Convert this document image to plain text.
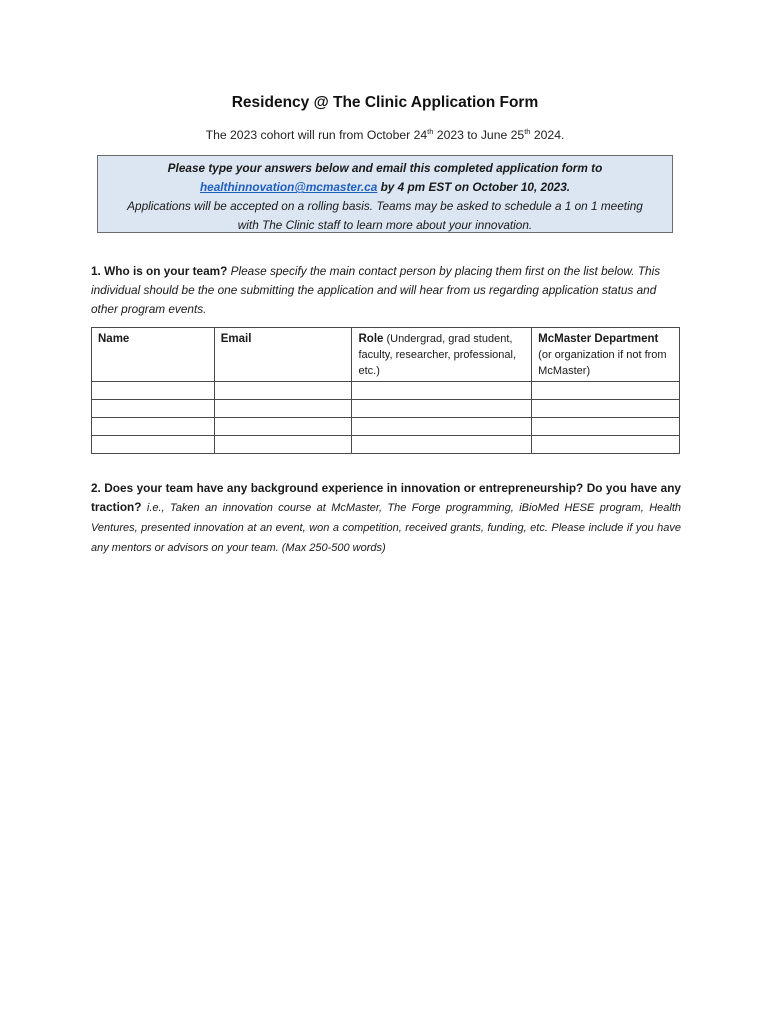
Residency @ The Clinic Application Form
The 2023 cohort will run from October 24th 2023 to June 25th 2024.
Please type your answers below and email this completed application form to
healthinnovation@mcmaster.ca by 4 pm EST on October 10, 2023.
Applications will be accepted on a rolling basis. Teams may be asked to schedule a 1 on 1 meeting
with The Clinic staff to learn more about your innovation.
1. Who is on your team? Please specify the main contact person by placing them first on the list below. This individual should be the one submitting the application and will hear from us regarding application status and other program events.
Name	Email	Role (Undergrad, grad student, faculty, researcher, professional, etc.)	McMaster Department
(or organization if not from McMaster)

2. Does your team have any background experience in innovation or entrepreneurship? Do you have any traction? i.e., Taken an innovation course at McMaster, The Forge programming, iBioMed HESE program, Health Ventures, presented innovation at an event, won a competition, received grants, funding, etc. Please include if you have any mentors or advisors on your team. (Max 250-500 words)
